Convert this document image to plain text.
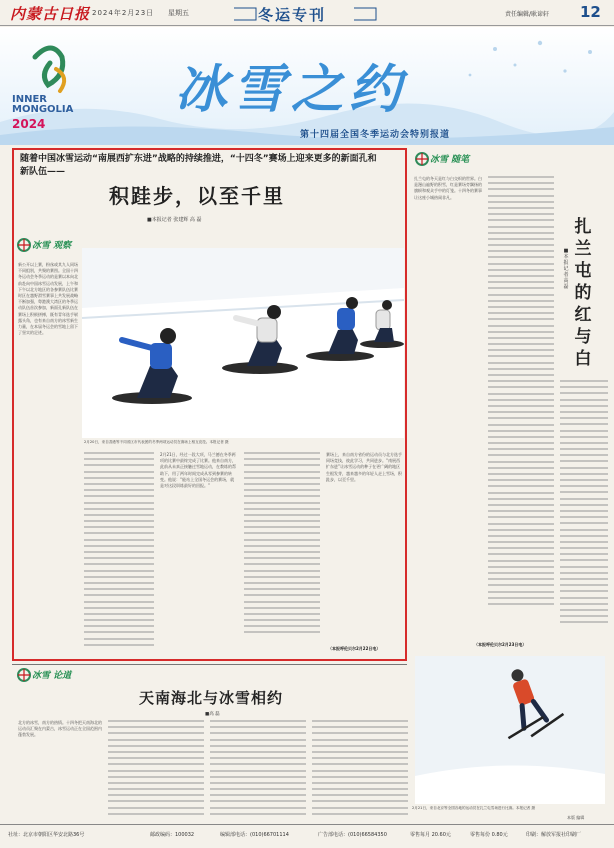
内蒙古日报 2024年2月23日 星期五	冬运专刊	责任编辑/耿谛轩 12
INNER
MONGOLIA
2024
冰雪之约
第十四届全国冬季运动会特别报道
随着中国冰雪运动“南展西扩东进”战略的持续推进，“十四冬”赛场上迎来更多的新面孔和新队伍——
积跬步，以至千里
■本报记者 张建辉 高 磊
冰雪 观察
新公开以上赛，粉丝或其九人同场不同组别，共聚的赛图。全国十四冬运动会冬季运动的是赛以本向北前赴向中国冰雪运动发展，上午和下午以北方地区的各参赛队伍比赛时区在越野滑雪赛事上共发展战略不断加强，粤港澳大湾区的冬季运动队伍首次参加，新面孔新队伍在赛场上积极拼搏，既有青年选手崭露头角，也有来自南方的冰雪新生力量，在本届冬运会的雪地上留下了坚实的足迹。
2月20日，来自香港等不同省区市代表团的冬季两项运动员在赛场上相互竞技。本报记者 摄
2月21日，经过一段大项，马兰德在冬季两项的比赛中最终完成了比赛。他来自南方，此前从未真正接触过雪地运动，在教练的帮助下，用了两年时间完成从零到参赛的转变。他说：“能站上全国冬运会的赛场，就是对这段训练最好的回报。”
赛场上，来自南方省份的运动员与北方选手同场竞技，彼此学习，共同进步。“南展西扩东进”让冰雪运动的种子在更广阔的地区生根发芽，越来越多的年轻人走上雪场，积跬步，以至千里。
（本报呼伦贝尔2月22日电）
冰雪 随笔
扎兰屯的冬天是红与白交织的世界。白是漫山遍野的积雪，红是赛场旁飘扬的旗帜和观众手中的灯笼。十四冬的赛事让这座小城热闹非凡。
扎兰屯的红与白
■本报记者 高 磊
（本报呼伦贝尔2月23日电）
冰雪 论道
天南海北与冰雪相约
■高 磊
北方的冰雪，南方的热情。十四冬把天南海北的运动员汇聚在内蒙古，冰雪运动正在全国范围内蓬勃发展。
2月21日，来自北京等全国各地的运动员在扎兰屯雪场进行比赛。本报记者 摄
本版 编辑
社址：北京市朝阳区华安北路36号	邮政编码：100032	编辑部电话：(010)66701114	广告部电话：(010)66584350	零售每月 20.60元	零售每份 0.80元	印刷：解放军报社印刷厂
